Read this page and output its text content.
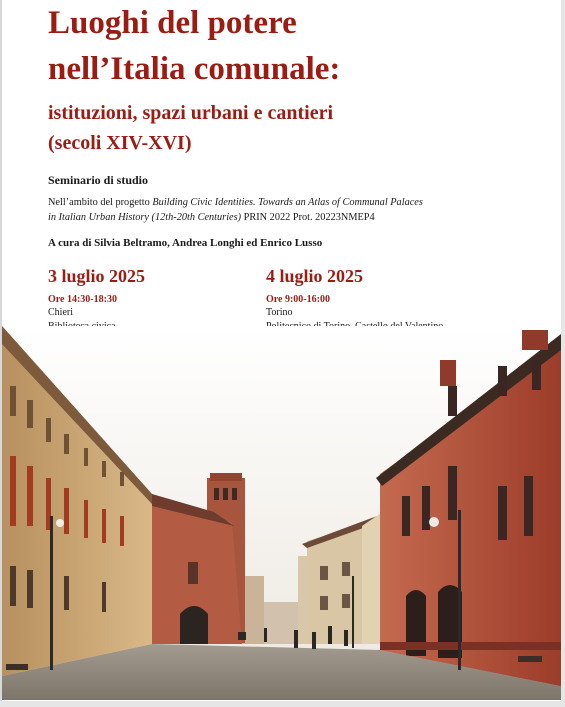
Luoghi del potere
nell’Italia comunale:
istituzioni, spazi urbani e cantieri
(secoli XIV-XVI)
Seminario di studio
Nell’ambito del progetto Building Civic Identities. Towards an Atlas of Communal Palaces
in Italian Urban History (12th-20th Centuries) PRIN 2022 Prot. 20223NMEP4
A cura di Silvia Beltramo, Andrea Longhi ed Enrico Lusso
3 luglio 2025
Ore 14:30-18:30
Chieri
4 luglio 2025
Ore 9:00-16:00
Torino
